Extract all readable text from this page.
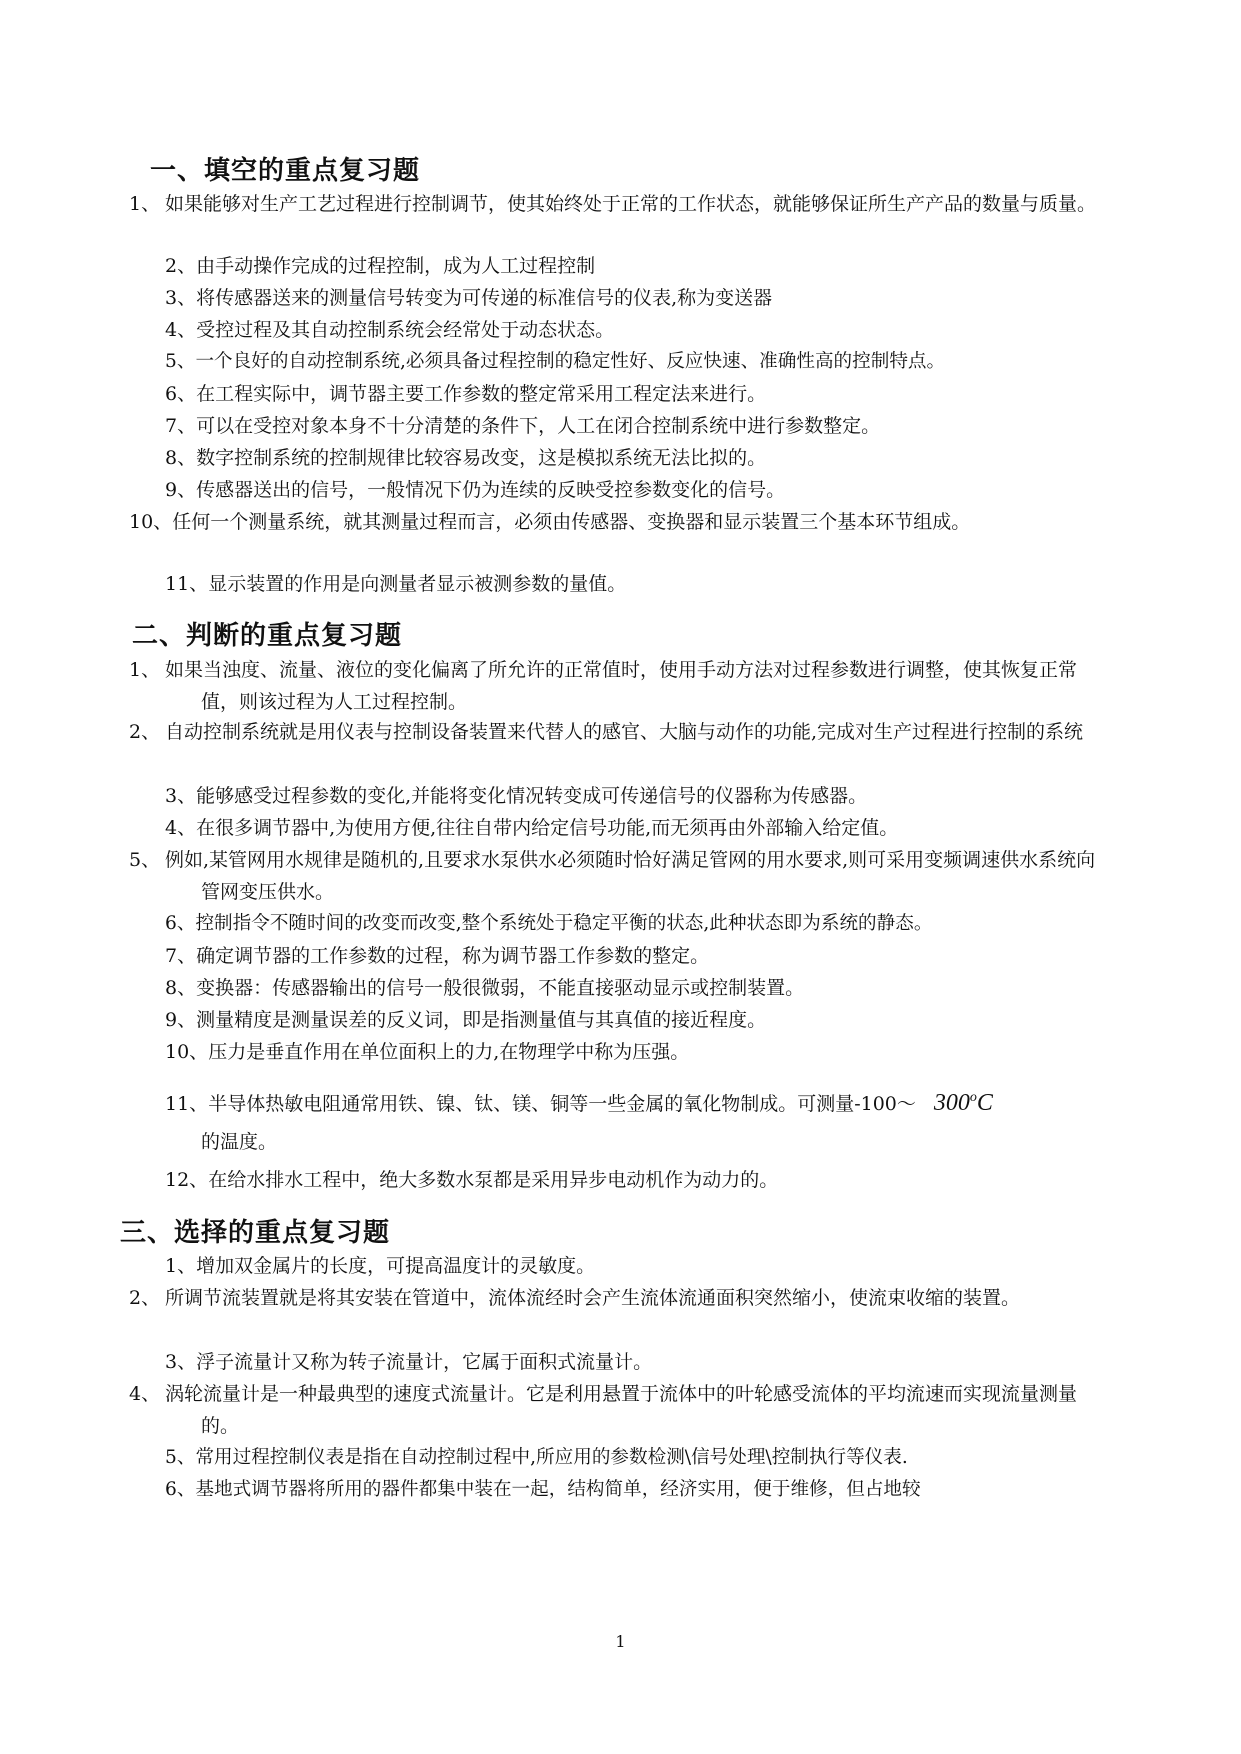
一、填空的重点复习题
1、 如果能够对生产工艺过程进行控制调节，使其始终处于正常的工作状态，就能够保证所生产产品的数量与质量。
2、由手动操作完成的过程控制，成为人工过程控制
3、将传感器送来的测量信号转变为可传递的标准信号的仪表,称为变送器
4、受控过程及其自动控制系统会经常处于动态状态。
5、一个良好的自动控制系统,必须具备过程控制的稳定性好、反应快速、准确性高的控制特点。
6、在工程实际中，调节器主要工作参数的整定常采用工程定法来进行。
7、可以在受控对象本身不十分清楚的条件下，人工在闭合控制系统中进行参数整定。
8、数字控制系统的控制规律比较容易改变，这是模拟系统无法比拟的。
9、传感器送出的信号，一般情况下仍为连续的反映受控参数变化的信号。
10、任何一个测量系统，就其测量过程而言，必须由传感器、变换器和显示装置三个基本环节组成。
11、显示装置的作用是向测量者显示被测参数的量值。
二、判断的重点复习题
1、 如果当浊度、流量、液位的变化偏离了所允许的正常值时，使用手动方法对过程参数进行调整，使其恢复正常值，则该过程为人工过程控制。
2、 自动控制系统就是用仪表与控制设备装置来代替人的感官、大脑与动作的功能,完成对生产过程进行控制的系统
3、能够感受过程参数的变化,并能将变化情况转变成可传递信号的仪器称为传感器。
4、在很多调节器中,为使用方便,往往自带内给定信号功能,而无须再由外部输入给定值。
5、 例如,某管网用水规律是随机的,且要求水泵供水必须随时恰好满足管网的用水要求,则可采用变频调速供水系统向管网变压供水。
6、控制指令不随时间的改变而改变,整个系统处于稳定平衡的状态,此种状态即为系统的静态。
7、确定调节器的工作参数的过程，称为调节器工作参数的整定。
8、变换器：传感器输出的信号一般很微弱，不能直接驱动显示或控制装置。
9、测量精度是测量误差的反义词，即是指测量值与其真值的接近程度。
10、压力是垂直作用在单位面积上的力,在物理学中称为压强。
11、半导体热敏电阻通常用铁、镍、钛、镁、铜等一些金属的氧化物制成。可测量-100～ 300$^o$C
的温度。
12、在给水排水工程中，绝大多数水泵都是采用异步电动机作为动力的。
三、选择的重点复习题
1、增加双金属片的长度，可提高温度计的灵敏度。
2、 所调节流装置就是将其安装在管道中，流体流经时会产生流体流通面积突然缩小，使流束收缩的装置。
3、浮子流量计又称为转子流量计，它属于面积式流量计。
4、 涡轮流量计是一种最典型的速度式流量计。它是利用悬置于流体中的叶轮感受流体的平均流速而实现流量测量的。
5、常用过程控制仪表是指在自动控制过程中,所应用的参数检测\信号处理\控制执行等仪表.
6、基地式调节器将所用的器件都集中装在一起，结构简单，经济实用，便于维修，但占地较
1
